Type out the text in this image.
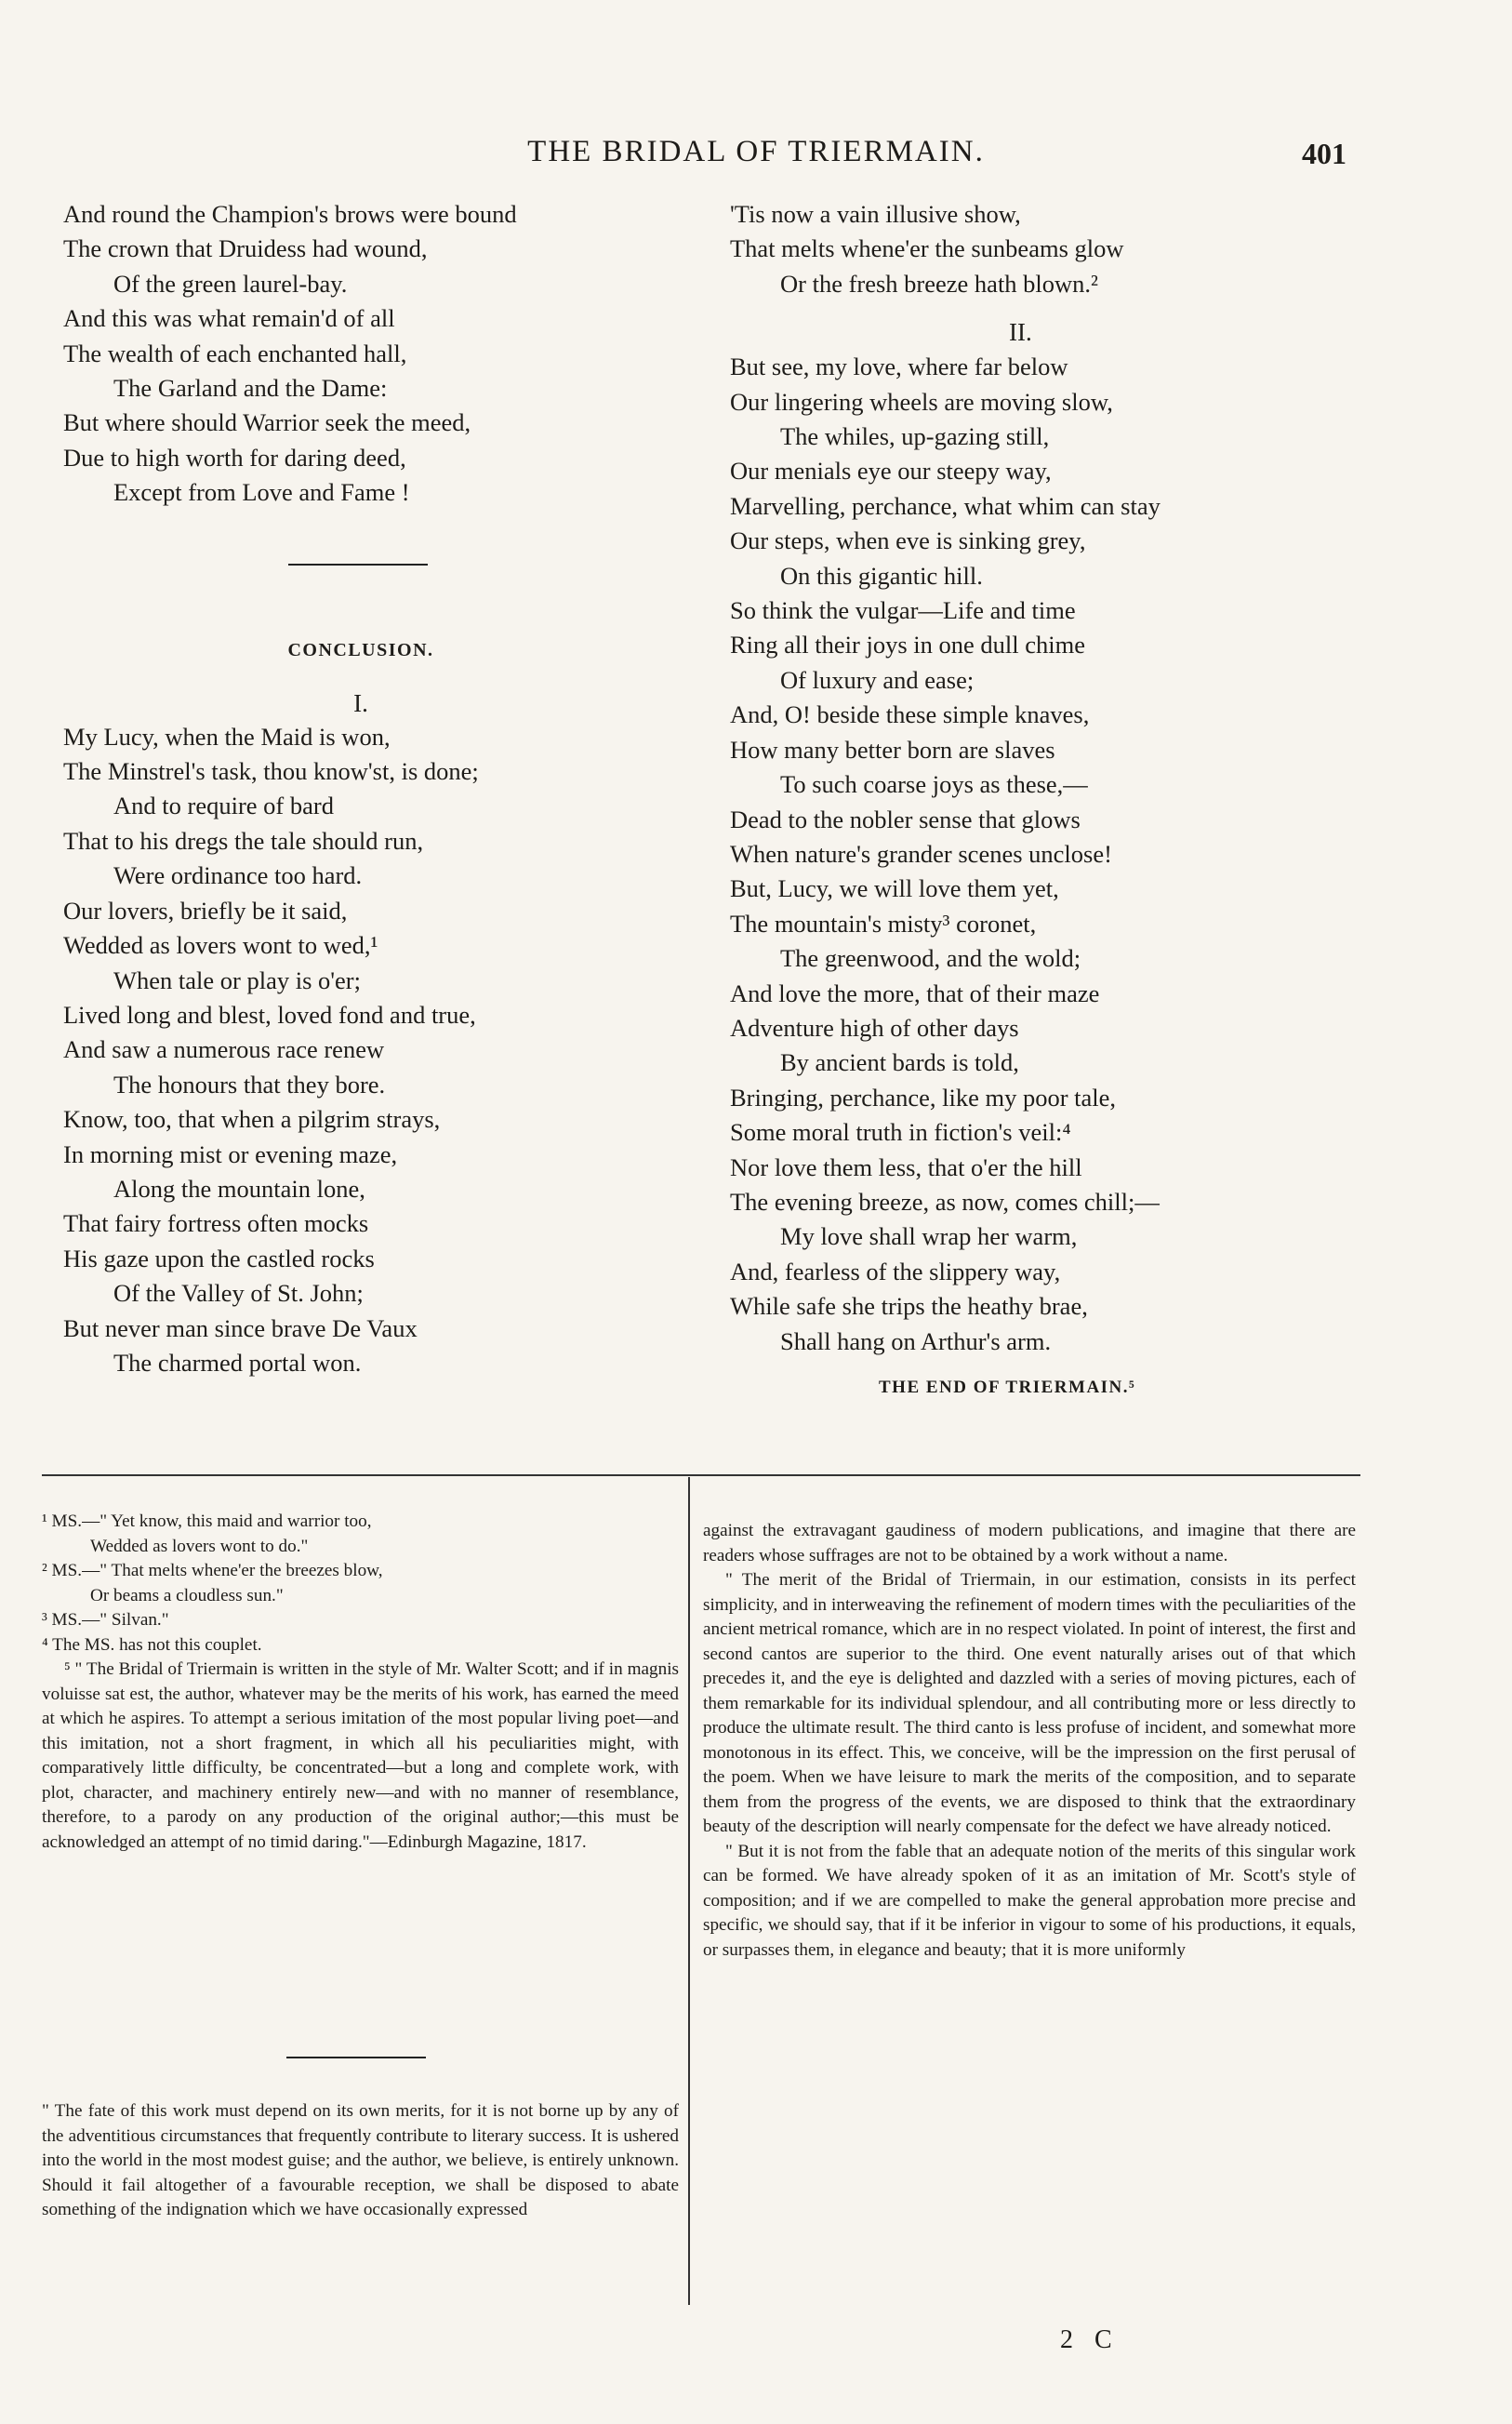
THE BRIDAL OF TRIERMAIN.	401
And round the Champion's brows were bound
The crown that Druidess had wound,
Of the green laurel-bay.
And this was what remain'd of all
The wealth of each enchanted hall,
The Garland and the Dame:
But where should Warrior seek the meed,
Due to high worth for daring deed,
Except from Love and Fame !
CONCLUSION.
I.
My Lucy, when the Maid is won,
The Minstrel's task, thou know'st, is done;
And to require of bard
That to his dregs the tale should run,
Were ordinance too hard.
Our lovers, briefly be it said,
Wedded as lovers wont to wed,¹
When tale or play is o'er;
Lived long and blest, loved fond and true,
And saw a numerous race renew
The honours that they bore.
Know, too, that when a pilgrim strays,
In morning mist or evening maze,
Along the mountain lone,
That fairy fortress often mocks
His gaze upon the castled rocks
Of the Valley of St. John;
But never man since brave De Vaux
The charmed portal won.
'Tis now a vain illusive show,
That melts whene'er the sunbeams glow
Or the fresh breeze hath blown.²
II.
But see, my love, where far below
Our lingering wheels are moving slow,
The whiles, up-gazing still,
Our menials eye our steepy way,
Marvelling, perchance, what whim can stay
Our steps, when eve is sinking grey,
On this gigantic hill.
So think the vulgar—Life and time
Ring all their joys in one dull chime
Of luxury and ease;
And, O! beside these simple knaves,
How many better born are slaves
To such coarse joys as these,—
Dead to the nobler sense that glows
When nature's grander scenes unclose!
But, Lucy, we will love them yet,
The mountain's misty³ coronet,
The greenwood, and the wold;
And love the more, that of their maze
Adventure high of other days
By ancient bards is told,
Bringing, perchance, like my poor tale,
Some moral truth in fiction's veil:⁴
Nor love them less, that o'er the hill
The evening breeze, as now, comes chill;—
My love shall wrap her warm,
And, fearless of the slippery way,
While safe she trips the heathy brae,
Shall hang on Arthur's arm.
THE END OF TRIERMAIN.⁵
¹ MS.—" Yet know, this maid and warrior too,
Wedded as lovers wont to do."
² MS.—" That melts whene'er the breezes blow,
Or beams a cloudless sun."
³ MS.—" Silvan."
⁴ The MS. has not this couplet.

⁵ " The Bridal of Triermain is written in the style of Mr. Walter Scott; and if in magnis voluisse sat est, the author, whatever may be the merits of his work, has earned the meed at which he aspires. To attempt a serious imitation of the most popular living poet—and this imitation, not a short fragment, in which all his peculiarities might, with comparatively little difficulty, be concentrated—but a long and complete work, with plot, character, and machinery entirely new—and with no manner of resemblance, therefore, to a parody on any production of the original author;—this must be acknowledged an attempt of no timid daring."—Edinburgh Magazine, 1817.

" The fate of this work must depend on its own merits, for it is not borne up by any of the adventitious circumstances that frequently contribute to literary success. It is ushered into the world in the most modest guise; and the author, we believe, is entirely unknown. Should it fail altogether of a favourable reception, we shall be disposed to abate something of the indignation which we have occasionally expressed

against the extravagant gaudiness of modern publications, and imagine that there are readers whose suffrages are not to be obtained by a work without a name.

" The merit of the Bridal of Triermain, in our estimation, consists in its perfect simplicity, and in interweaving the refinement of modern times with the peculiarities of the ancient metrical romance, which are in no respect violated. In point of interest, the first and second cantos are superior to the third. One event naturally arises out of that which precedes it, and the eye is delighted and dazzled with a series of moving pictures, each of them remarkable for its individual splendour, and all contributing more or less directly to produce the ultimate result. The third canto is less profuse of incident, and somewhat more monotonous in its effect. This, we conceive, will be the impression on the first perusal of the poem. When we have leisure to mark the merits of the composition, and to separate them from the progress of the events, we are disposed to think that the extraordinary beauty of the description will nearly compensate for the defect we have already noticed.

" But it is not from the fable that an adequate notion of the merits of this singular work can be formed. We have already spoken of it as an imitation of Mr. Scott's style of composition; and if we are compelled to make the general approbation more precise and specific, we should say, that if it be inferior in vigour to some of his productions, it equals, or surpasses them, in elegance and beauty; that it is more uniformly

2 C
